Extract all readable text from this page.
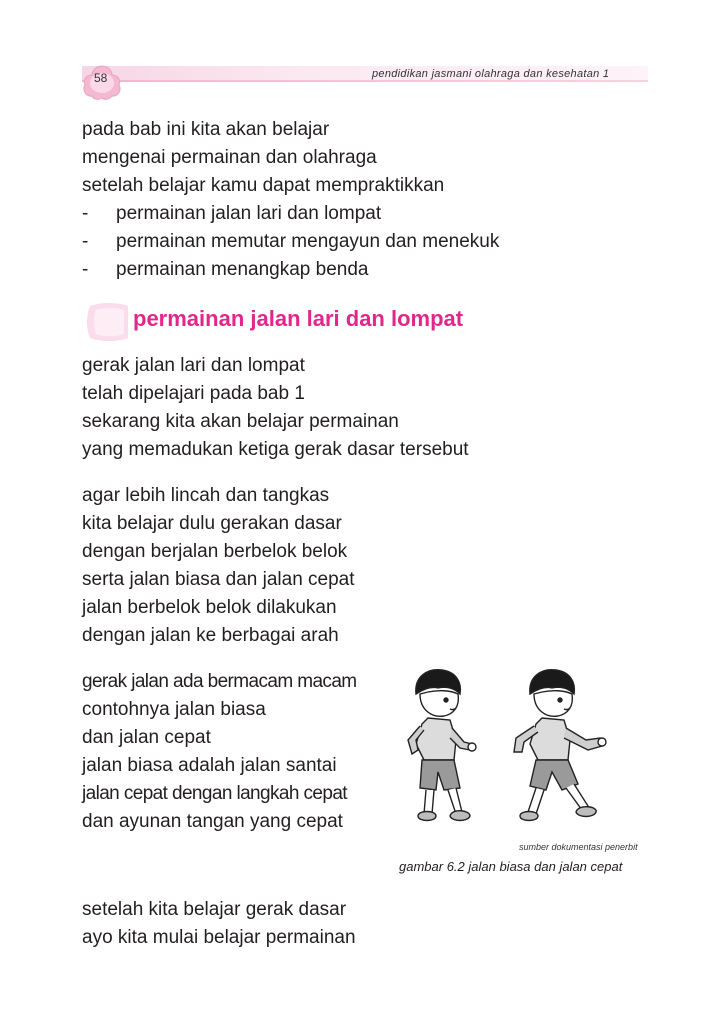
58	pendidikan jasmani olahraga dan kesehatan 1
pada bab ini kita akan belajar
mengenai permainan dan olahraga
setelah belajar kamu dapat mempraktikkan
- permainan jalan lari dan lompat
- permainan memutar mengayun dan menekuk
- permainan menangkap benda
permainan jalan lari dan lompat
gerak jalan lari dan lompat
telah dipelajari pada bab 1
sekarang kita akan belajar permainan
yang memadukan ketiga gerak dasar tersebut
agar lebih lincah dan tangkas
kita belajar dulu gerakan dasar
dengan berjalan berbelok belok
serta jalan biasa dan jalan cepat
jalan berbelok belok dilakukan
dengan jalan ke berbagai arah
gerak jalan ada bermacam macam
contohnya jalan biasa
dan jalan cepat
jalan biasa adalah jalan santai
jalan cepat dengan langkah cepat
dan ayunan tangan yang cepat
sumber dokumentasi penerbit
gambar 6.2 jalan biasa dan jalan cepat
setelah kita belajar gerak dasar
ayo kita mulai belajar permainan
